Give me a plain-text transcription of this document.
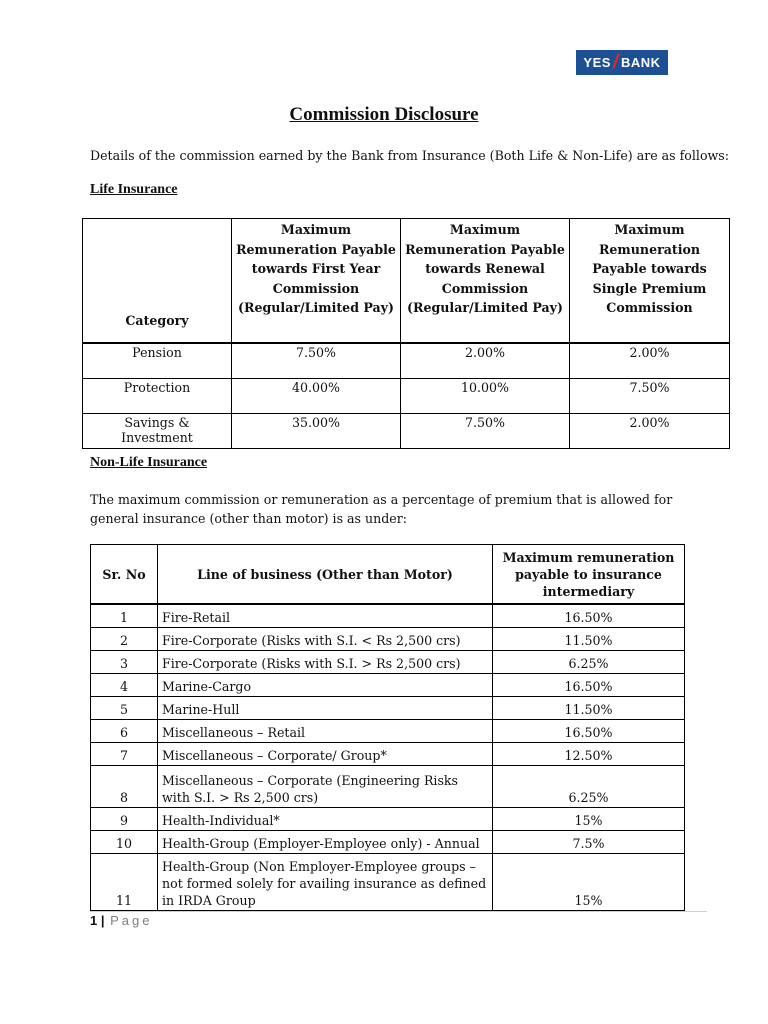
YES / BANK
Commission Disclosure
Details of the commission earned by the Bank from Insurance (Both Life & Non-Life) are as follows:
Life Insurance
Category	Maximum Remuneration Payable towards First Year Commission (Regular/Limited Pay)	Maximum Remuneration Payable towards Renewal Commission (Regular/Limited Pay)	Maximum Remuneration Payable towards Single Premium Commission
Pension	7.50%	2.00%	2.00%
Protection	40.00%	10.00%	7.50%
Savings & Investment	35.00%	7.50%	2.00%
Non-Life Insurance
The maximum commission or remuneration as a percentage of premium that is allowed for general insurance (other than motor) is as under:
Sr. No	Line of business (Other than Motor)	Maximum remuneration payable to insurance intermediary
1	Fire-Retail	16.50%
2	Fire-Corporate (Risks with S.I. < Rs 2,500 crs)	11.50%
3	Fire-Corporate (Risks with S.I. > Rs 2,500 crs)	6.25%
4	Marine-Cargo	16.50%
5	Marine-Hull	11.50%
6	Miscellaneous – Retail	16.50%
7	Miscellaneous – Corporate/ Group*	12.50%
8	Miscellaneous – Corporate (Engineering Risks with S.I. > Rs 2,500 crs)	6.25%
9	Health-Individual*	15%
10	Health-Group (Employer-Employee only) - Annual	7.5%
11	Health-Group (Non Employer-Employee groups – not formed solely for availing insurance as defined in IRDA Group	15%
1 | Page
